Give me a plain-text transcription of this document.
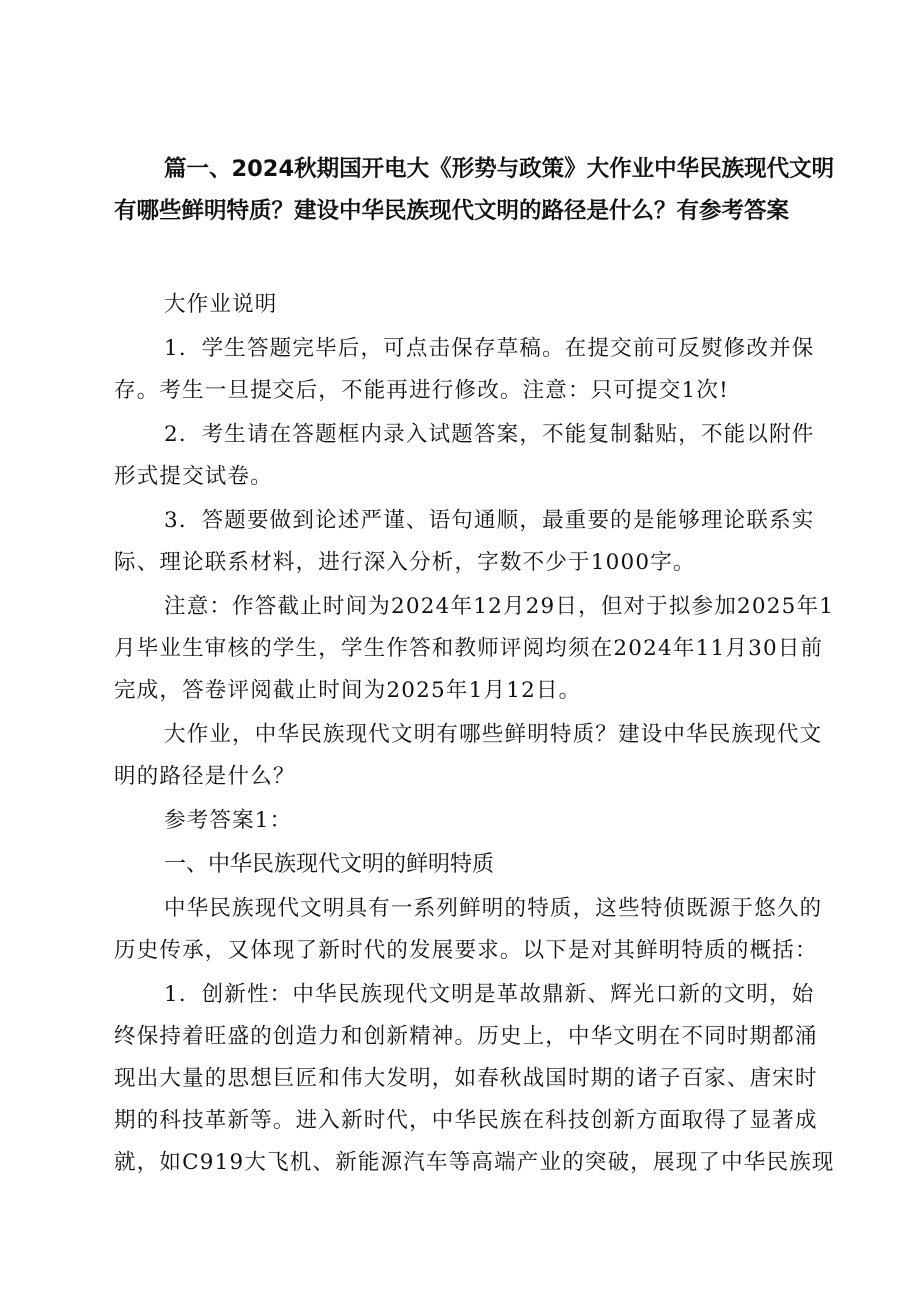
篇一、2024秋期国开电大《形势与政策》大作业中华民族现代文明有哪些鲜明特质？建设中华民族现代文明的路径是什么？有参考答案

大作业说明

1．学生答题完毕后，可点击保存草稿。在提交前可反熨修改并保存。考生一旦提交后，不能再进行修改。注意：只可提交1次!

2．考生请在答题框内录入试题答案，不能复制黏贴，不能以附件形式提交试卷。

3．答题要做到论述严谨、语句通顺，最重要的是能够理论联系实际、理论联系材料，进行深入分析，字数不少于1000字。

注意：作答截止时间为2024年12月29日，但对于拟参加2025年1月毕业生审核的学生，学生作答和教师评阅均须在2024年11月30日前完成，答卷评阅截止时间为2025年1月12日。

大作业，中华民族现代文明有哪些鲜明特质？建设中华民族现代文明的路径是什么？

参考答案1：

一、中华民族现代文明的鲜明特质

中华民族现代文明具有一系列鲜明的特质，这些特侦既源于悠久的历史传承，又体现了新时代的发展要求。以下是对其鲜明特质的概括：

1．创新性：中华民族现代文明是革故鼎新、辉光口新的文明，始终保持着旺盛的创造力和创新精神。历史上，中华文明在不同时期都涌现出大量的思想巨匠和伟大发明，如春秋战国时期的诸子百家、唐宋时期的科技革新等。进入新时代，中华民族在科技创新方面取得了显著成就，如C919大飞机、新能源汽车等高端产业的突破，展现了中华民族现
